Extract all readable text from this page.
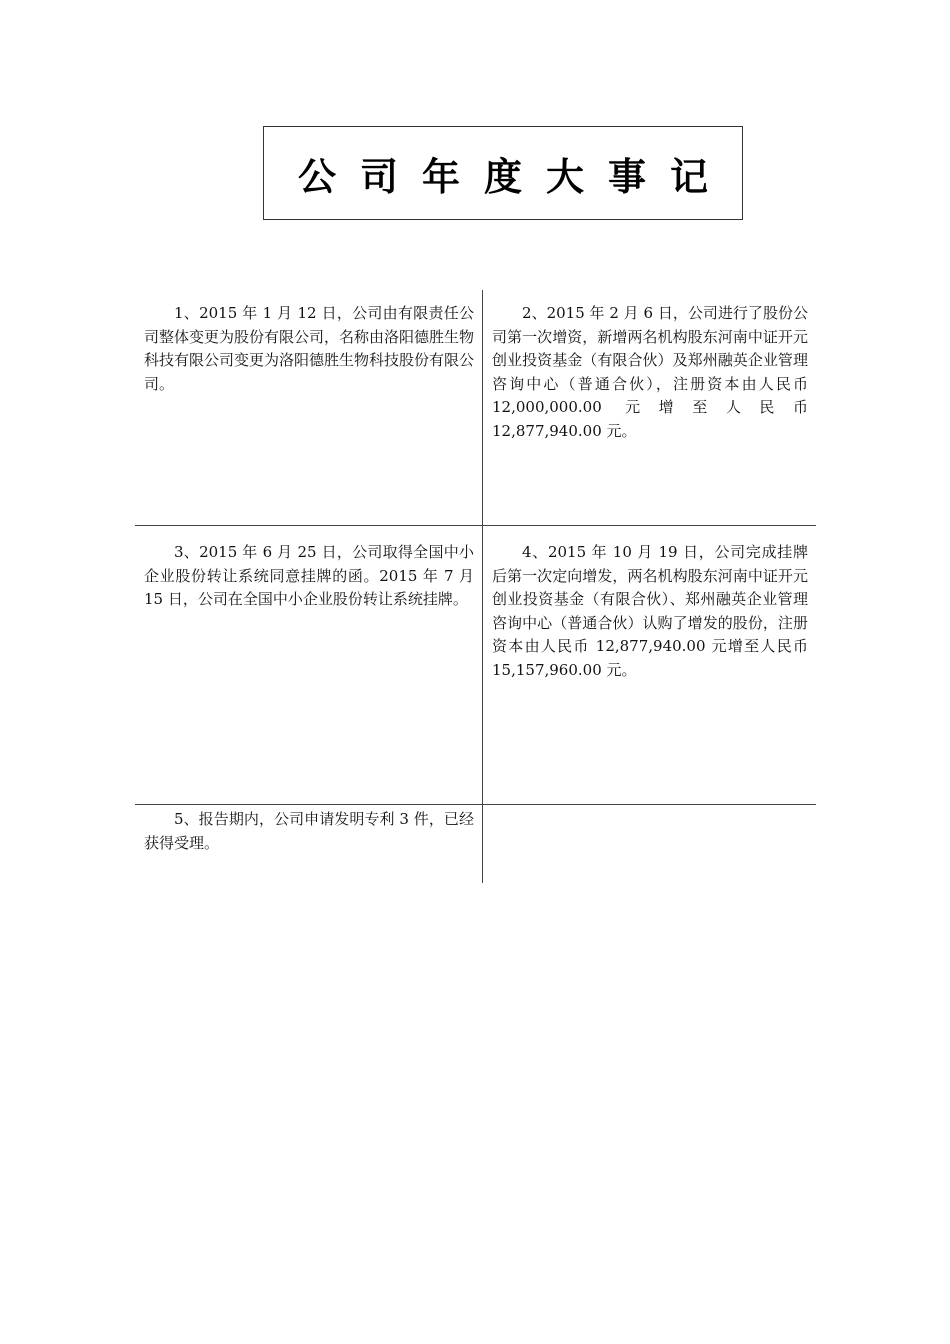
公司年度大事记

1、2015 年 1 月 12 日，公司由有限责任公司整体变更为股份有限公司，名称由洛阳德胜生物科技有限公司变更为洛阳德胜生物科技股份有限公司。

2、2015 年 2 月 6 日，公司进行了股份公司第一次增资，新增两名机构股东河南中证开元创业投资基金（有限合伙）及郑州融英企业管理咨询中心（普通合伙），注册资本由人民币 12,000,000.00 元增至人民币 12,877,940.00 元。

3、2015 年 6 月 25 日，公司取得全国中小企业股份转让系统同意挂牌的函。2015 年 7 月 15 日，公司在全国中小企业股份转让系统挂牌。

4、2015 年 10 月 19 日，公司完成挂牌后第一次定向增发，两名机构股东河南中证开元创业投资基金（有限合伙）、郑州融英企业管理咨询中心（普通合伙）认购了增发的股份，注册资本由人民币 12,877,940.00 元增至人民币 15,157,960.00 元。

5、报告期内，公司申请发明专利 3 件，已经获得受理。
